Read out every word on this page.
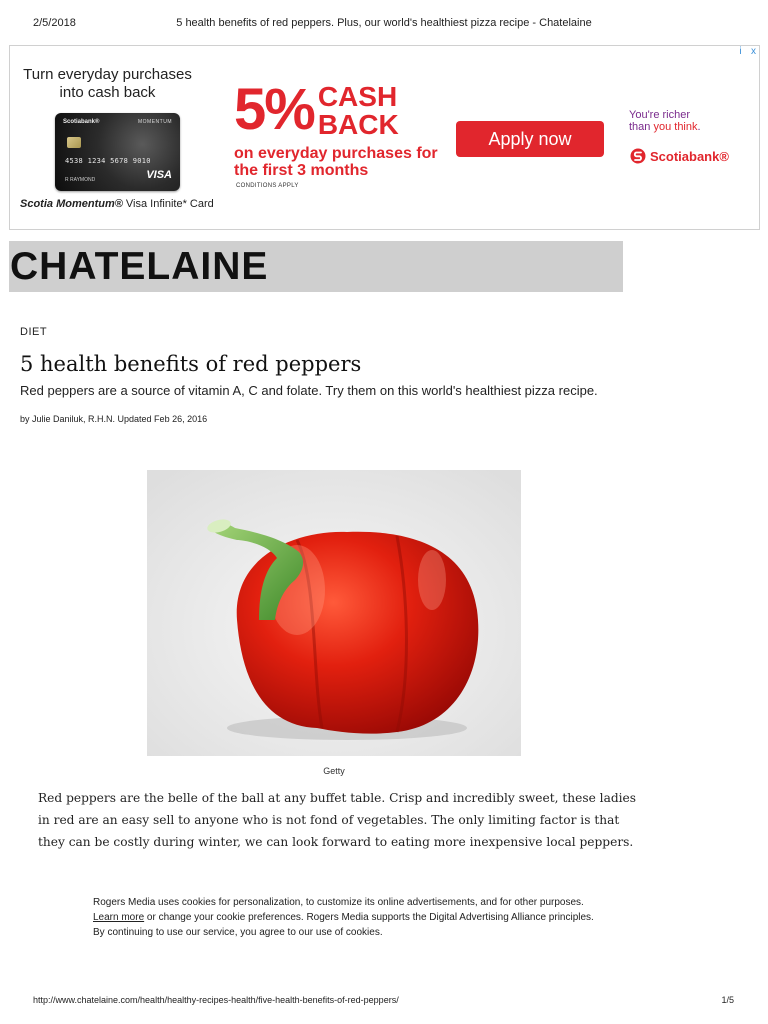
2/5/2018	5 health benefits of red peppers. Plus, our world's healthiest pizza recipe - Chatelaine
i x
Turn everyday purchases into cash back
Scotiabank®	MOMENTUM
4538 1234 5678 9010
R RAYMOND	VISA
Scotia Momentum® Visa Infinite* Card
5% CASH
BACK
on everyday purchases for the first 3 months
CONDITIONS APPLY
Apply now
You're richer
than you think.
Scotiabank®
CHATELAINE
DIET
5 health benefits of red peppers
Red peppers are a source of vitamin A, C and folate. Try them on this world's healthiest pizza recipe.
by Julie Daniluk, R.H.N. Updated Feb 26, 2016
Getty
Red peppers are the belle of the ball at any buffet table. Crisp and incredibly sweet, these ladies in red are an easy sell to anyone who is not fond of vegetables. The only limiting factor is that they can be costly during winter, we can look forward to eating more inexpensive local peppers.
Rogers Media uses cookies for personalization, to customize its online advertisements, and for other purposes.
Learn more or change your cookie preferences. Rogers Media supports the Digital Advertising Alliance principles.
By continuing to use our service, you agree to our use of cookies.
http://www.chatelaine.com/health/healthy-recipes-health/five-health-benefits-of-red-peppers/	1/5
